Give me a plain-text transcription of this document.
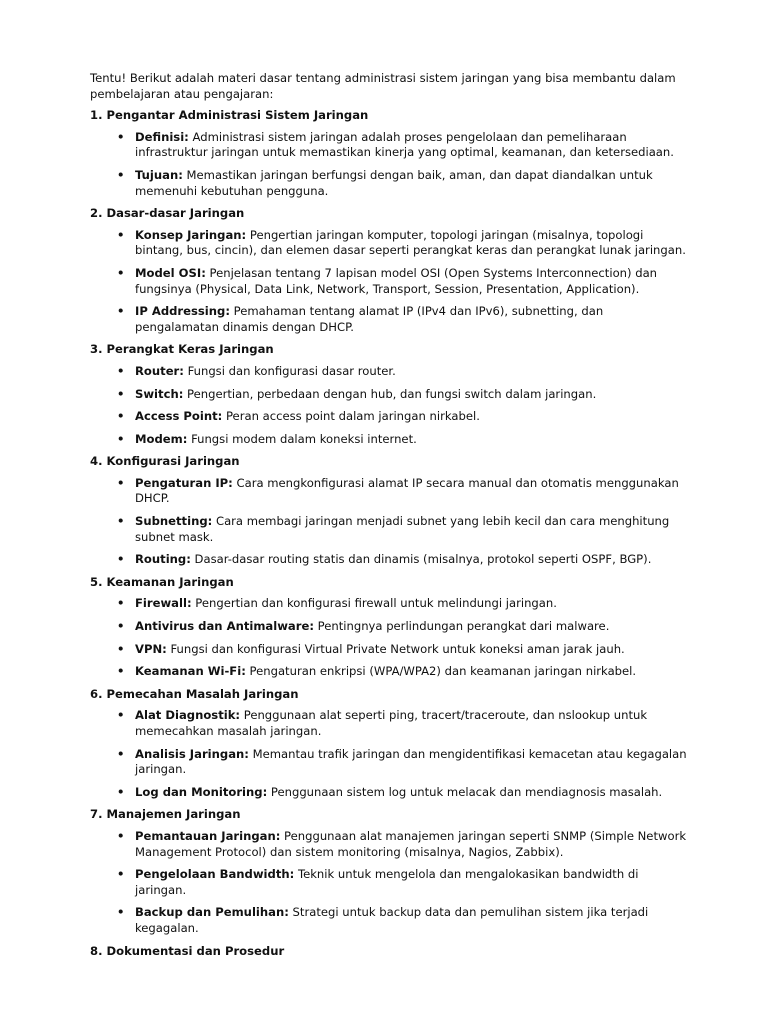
Tentu! Berikut adalah materi dasar tentang administrasi sistem jaringan yang bisa membantu dalam pembelajaran atau pengajaran:

1. Pengantar Administrasi Sistem Jaringan

• Definisi: Administrasi sistem jaringan adalah proses pengelolaan dan pemeliharaan infrastruktur jaringan untuk memastikan kinerja yang optimal, keamanan, dan ketersediaan.
• Tujuan: Memastikan jaringan berfungsi dengan baik, aman, dan dapat diandalkan untuk memenuhi kebutuhan pengguna.

2. Dasar-dasar Jaringan

• Konsep Jaringan: Pengertian jaringan komputer, topologi jaringan (misalnya, topologi bintang, bus, cincin), dan elemen dasar seperti perangkat keras dan perangkat lunak jaringan.
• Model OSI: Penjelasan tentang 7 lapisan model OSI (Open Systems Interconnection) dan fungsinya (Physical, Data Link, Network, Transport, Session, Presentation, Application).
• IP Addressing: Pemahaman tentang alamat IP (IPv4 dan IPv6), subnetting, dan pengalamatan dinamis dengan DHCP.

3. Perangkat Keras Jaringan

• Router: Fungsi dan konfigurasi dasar router.
• Switch: Pengertian, perbedaan dengan hub, dan fungsi switch dalam jaringan.
• Access Point: Peran access point dalam jaringan nirkabel.
• Modem: Fungsi modem dalam koneksi internet.

4. Konfigurasi Jaringan

• Pengaturan IP: Cara mengkonfigurasi alamat IP secara manual dan otomatis menggunakan DHCP.
• Subnetting: Cara membagi jaringan menjadi subnet yang lebih kecil dan cara menghitung subnet mask.
• Routing: Dasar-dasar routing statis dan dinamis (misalnya, protokol seperti OSPF, BGP).

5. Keamanan Jaringan

• Firewall: Pengertian dan konfigurasi firewall untuk melindungi jaringan.
• Antivirus dan Antimalware: Pentingnya perlindungan perangkat dari malware.
• VPN: Fungsi dan konfigurasi Virtual Private Network untuk koneksi aman jarak jauh.
• Keamanan Wi-Fi: Pengaturan enkripsi (WPA/WPA2) dan keamanan jaringan nirkabel.

6. Pemecahan Masalah Jaringan

• Alat Diagnostik: Penggunaan alat seperti ping, tracert/traceroute, dan nslookup untuk memecahkan masalah jaringan.
• Analisis Jaringan: Memantau trafik jaringan dan mengidentifikasi kemacetan atau kegagalan jaringan.
• Log dan Monitoring: Penggunaan sistem log untuk melacak dan mendiagnosis masalah.

7. Manajemen Jaringan

• Pemantauan Jaringan: Penggunaan alat manajemen jaringan seperti SNMP (Simple Network Management Protocol) dan sistem monitoring (misalnya, Nagios, Zabbix).
• Pengelolaan Bandwidth: Teknik untuk mengelola dan mengalokasikan bandwidth di jaringan.
• Backup dan Pemulihan: Strategi untuk backup data dan pemulihan sistem jika terjadi kegagalan.

8. Dokumentasi dan Prosedur
